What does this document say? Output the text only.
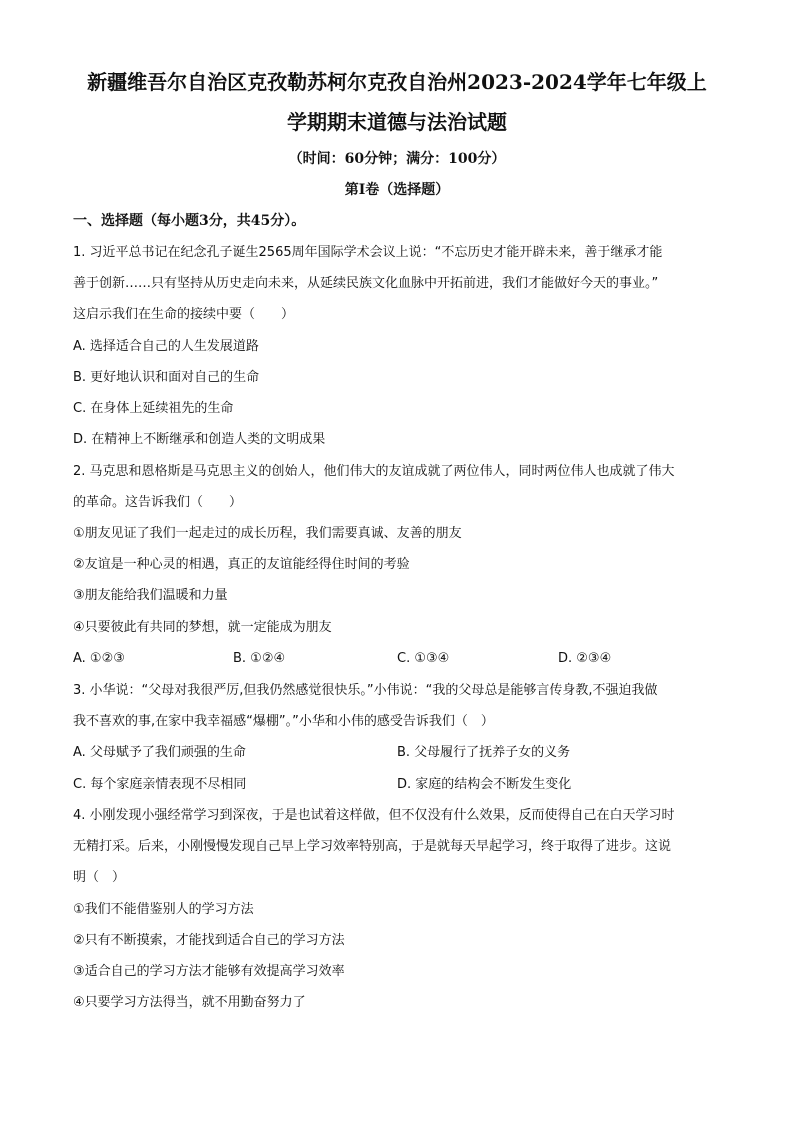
新疆维吾尔自治区克孜勒苏柯尔克孜自治州2023-2024学年七年级上
学期期末道德与法治试题
（时间：60分钟；满分：100分）
第Ⅰ卷（选择题）
一、选择题（每小题3分，共45分）。
1. 习近平总书记在纪念孔子诞生2565周年国际学术会议上说：“不忘历史才能开辟未来，善于继承才能
善于创新……只有坚持从历史走向未来，从延续民族文化血脉中开拓前进，我们才能做好今天的事业。”
这启示我们在生命的接续中要（　　）
A. 选择适合自己的人生发展道路
B. 更好地认识和面对自己的生命
C. 在身体上延续祖先的生命
D. 在精神上不断继承和创造人类的文明成果
2. 马克思和恩格斯是马克思主义的创始人，他们伟大的友谊成就了两位伟人，同时两位伟人也成就了伟大
的革命。这告诉我们（　　）
①朋友见证了我们一起走过的成长历程，我们需要真诚、友善的朋友
②友谊是一种心灵的相遇，真正的友谊能经得住时间的考验
③朋友能给我们温暖和力量
④只要彼此有共同的梦想，就一定能成为朋友
A. ①②③	B. ①②④	C. ①③④	D. ②③④
3. 小华说：“父母对我很严厉,但我仍然感觉很快乐。”小伟说：“我的父母总是能够言传身教,不强迫我做
我不喜欢的事,在家中我幸福感“爆棚”。”小华和小伟的感受告诉我们（　）
A. 父母赋予了我们顽强的生命	B. 父母履行了抚养子女的义务
C. 每个家庭亲情表现不尽相同	D. 家庭的结构会不断发生变化
4. 小刚发现小强经常学习到深夜，于是也试着这样做，但不仅没有什么效果，反而使得自己在白天学习时
无精打采。后来，小刚慢慢发现自己早上学习效率特别高，于是就每天早起学习，终于取得了进步。这说
明（　）
①我们不能借鉴别人的学习方法
②只有不断摸索，才能找到适合自己的学习方法
③适合自己的学习方法才能够有效提高学习效率
④只要学习方法得当，就不用勤奋努力了
